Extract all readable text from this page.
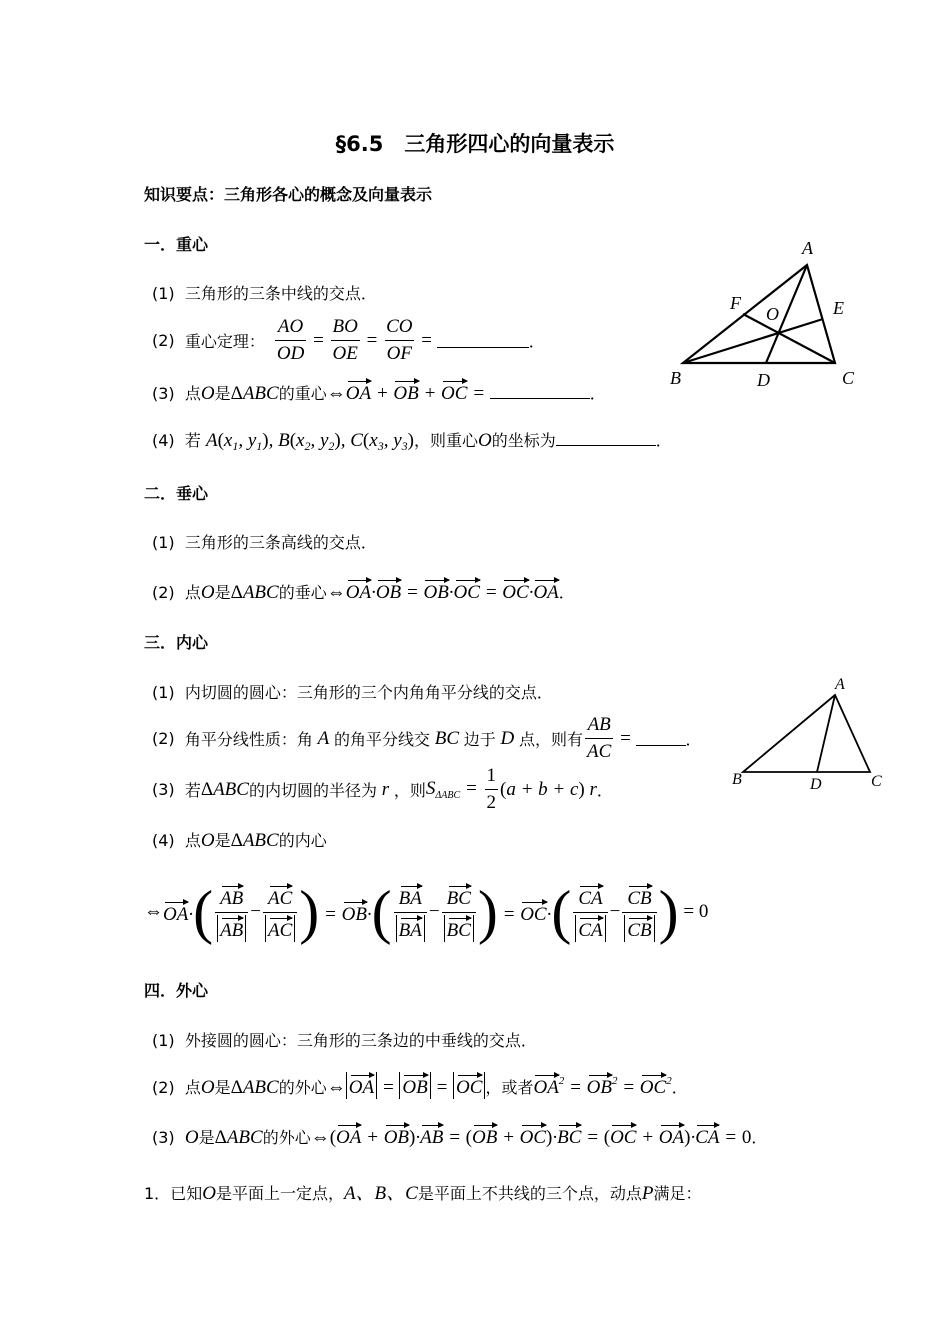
§6.5　三角形四心的向量表示
知识要点：三角形各心的概念及向量表示
一．重心
(1) 三角形的三条中线的交点．
(2)
重心定理： $\frac{AO}{OD} = \frac{BO}{OE} = \frac{CO}{OF}$ =	．
(3) 点O是ΔABC的重心⇔OA + OB + OC =	．
(4) 若 $A(x_1$, $y_1$), $B(x_2$, $y_2$), $C(x_3$, $y_3$)，则重心O的坐标为	．
A
B	C
D
E
F
O
二．垂心
(1) 三角形的三条高线的交点．
(2) 点O是ΔABC的垂心⇔OA·OB = OB·OC = OC·OA．
三．内心
(1) 内切圆的圆心：三角形的三个内角角平分线的交点．
(2)
角平分线性质：角 A 的角平分线交 BC 边于 D 点，则有 $\frac{AB}{AC}$ =	．
(3)
若 Δ ABC 的内切圆的半径为 r ，则 $S_{\Delta ABC} = \frac{1}{2} (a + b + c)$ r ．
(4) 点O是ΔABC的内心
⇔ OA· ( $\frac{AB}{AB} - \frac{AC}{AC}$ ) = OB· ( $\frac{BA}{BA} - \frac{BC}{BC}$ ) = OC· ( $\frac{CA}{CA} - \frac{CB}{CB}$ ) = 0
A
B	C
D
四．外心
(1) 外接圆的圆心：三角形的三条边的中垂线的交点．
(2) 点O是ΔABC的外心⇔ OA = OB = OC ，或者$OA^2 = OB^2 = OC^2$．
(3) O是ΔABC的外心⇔(OA + OB)·AB = (OB + OC)·BC = (OC + OA)·CA = 0．
1．已知O是平面上一定点，A、B、C是平面上不共线的三个点，动点P满足：
